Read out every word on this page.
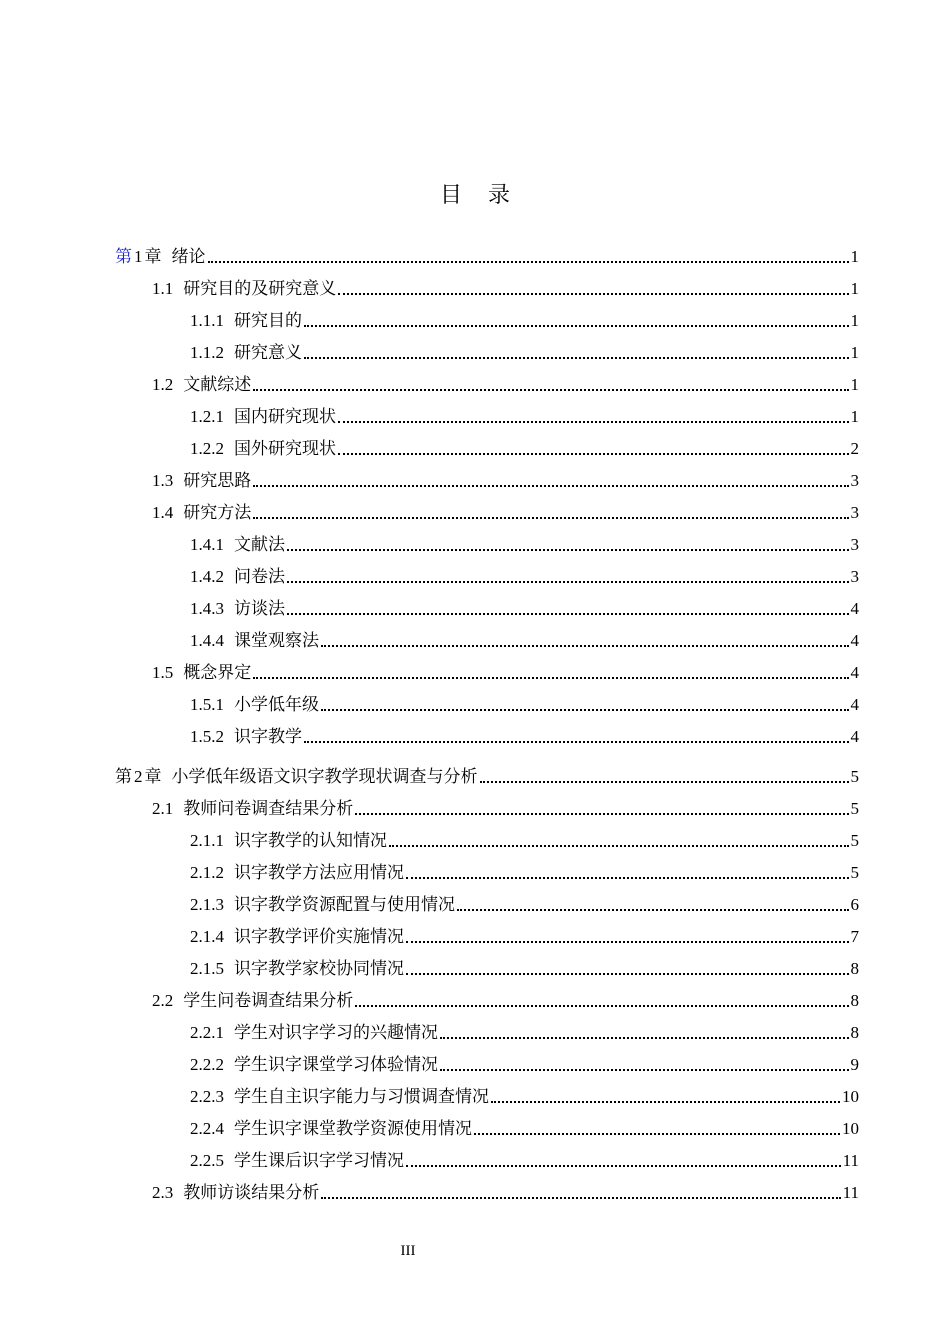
目 录
第 1 章 绪论	1
1.1 研究目的及研究意义	1
1.1.1 研究目的	1
1.1.2 研究意义	1
1.2 文献综述	1
1.2.1 国内研究现状	1
1.2.2 国外研究现状	2
1.3 研究思路	3
1.4 研究方法	3
1.4.1 文献法	3
1.4.2 问卷法	3
1.4.3 访谈法	4
1.4.4 课堂观察法	4
1.5 概念界定	4
1.5.1 小学低年级	4
1.5.2 识字教学	4
第 2 章 小学低年级语文识字教学现状调查与分析	5
2.1 教师问卷调查结果分析	5
2.1.1 识字教学的认知情况	5
2.1.2 识字教学方法应用情况	5
2.1.3 识字教学资源配置与使用情况	6
2.1.4 识字教学评价实施情况	7
2.1.5 识字教学家校协同情况	8
2.2 学生问卷调查结果分析	8
2.2.1 学生对识字学习的兴趣情况	8
2.2.2 学生识字课堂学习体验情况	9
2.2.3 学生自主识字能力与习惯调查情况	10
2.2.4 学生识字课堂教学资源使用情况	10
2.2.5 学生课后识字学习情况	11
2.3 教师访谈结果分析	11
III
